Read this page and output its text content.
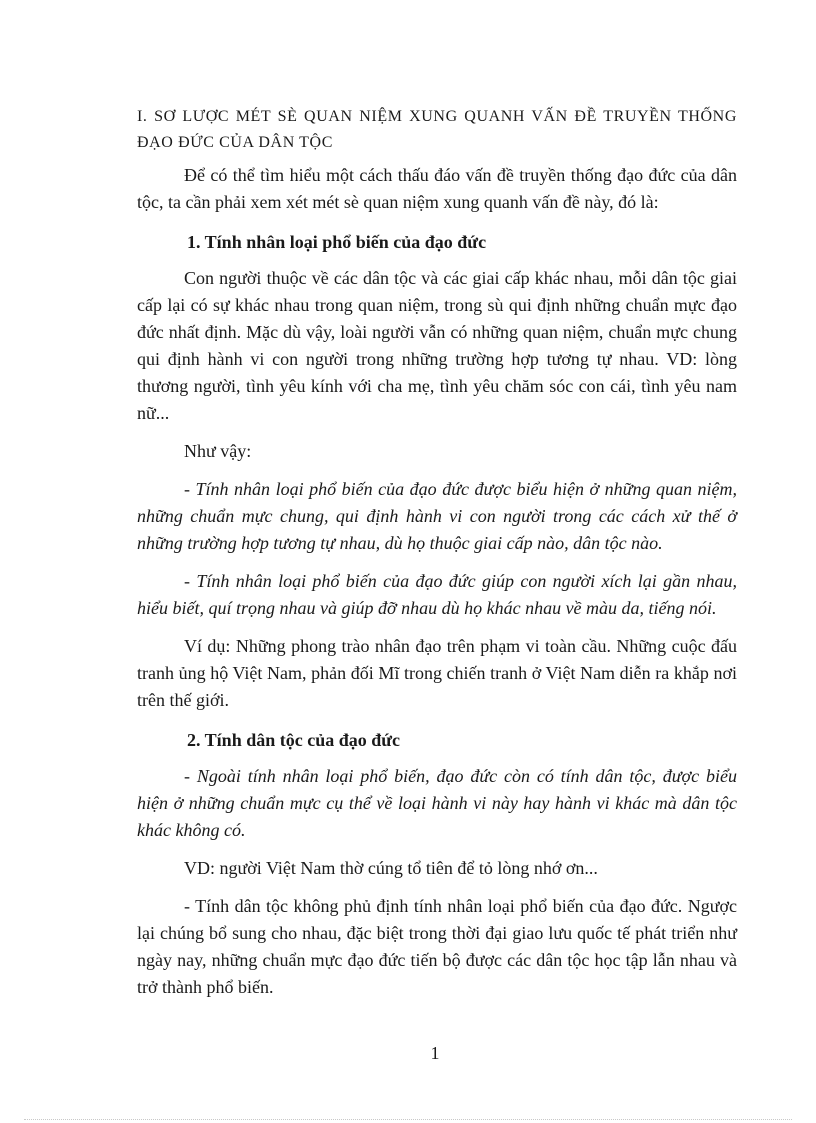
I. SƠ LƯỢC MÉT SÈ QUAN NIỆM XUNG QUANH VẤN ĐỀ TRUYỀN THỐNG ĐẠO ĐỨC CỦA DÂN TỘC

Để có thể tìm hiểu một cách thấu đáo vấn đề truyền thống đạo đức của dân tộc, ta cần phải xem xét mét sè quan niệm xung quanh vấn đề này, đó là:

1. Tính nhân loại phổ biến của đạo đức

Con người thuộc về các dân tộc và các giai cấp khác nhau, mỗi dân tộc giai cấp lại có sự khác nhau trong quan niệm, trong sù qui định những chuẩn mực đạo đức nhất định. Mặc dù vậy, loài người vẫn có những quan niệm, chuẩn mực chung qui định hành vi con người trong những trường hợp tương tự nhau. VD: lòng thương người, tình yêu kính với cha mẹ, tình yêu chăm sóc con cái, tình yêu nam nữ...

Như vậy:

- Tính nhân loại phổ biến của đạo đức được biểu hiện ở những quan niệm, những chuẩn mực chung, qui định hành vi con người trong các cách xử thế ở những trường hợp tương tự nhau, dù họ thuộc giai cấp nào, dân tộc nào.

- Tính nhân loại phổ biến của đạo đức giúp con người xích lại gần nhau, hiểu biết, quí trọng nhau và giúp đỡ nhau dù họ khác nhau về màu da, tiếng nói.

Ví dụ: Những phong trào nhân đạo trên phạm vi toàn cầu. Những cuộc đấu tranh ủng hộ Việt Nam, phản đối Mĩ trong chiến tranh ở Việt Nam diễn ra khắp nơi trên thế giới.

2. Tính dân tộc của đạo đức

- Ngoài tính nhân loại phổ biến, đạo đức còn có tính dân tộc, được biểu hiện ở những chuẩn mực cụ thể về loại hành vi này hay hành vi khác mà dân tộc khác không có.

VD: người Việt Nam thờ cúng tổ tiên để tỏ lòng nhớ ơn...

- Tính dân tộc không phủ định tính nhân loại phổ biến của đạo đức. Ngược lại chúng bổ sung cho nhau, đặc biệt trong thời đại giao lưu quốc tế phát triển như ngày nay, những chuẩn mực đạo đức tiến bộ được các dân tộc học tập lẫn nhau và trở thành phổ biến.

1
